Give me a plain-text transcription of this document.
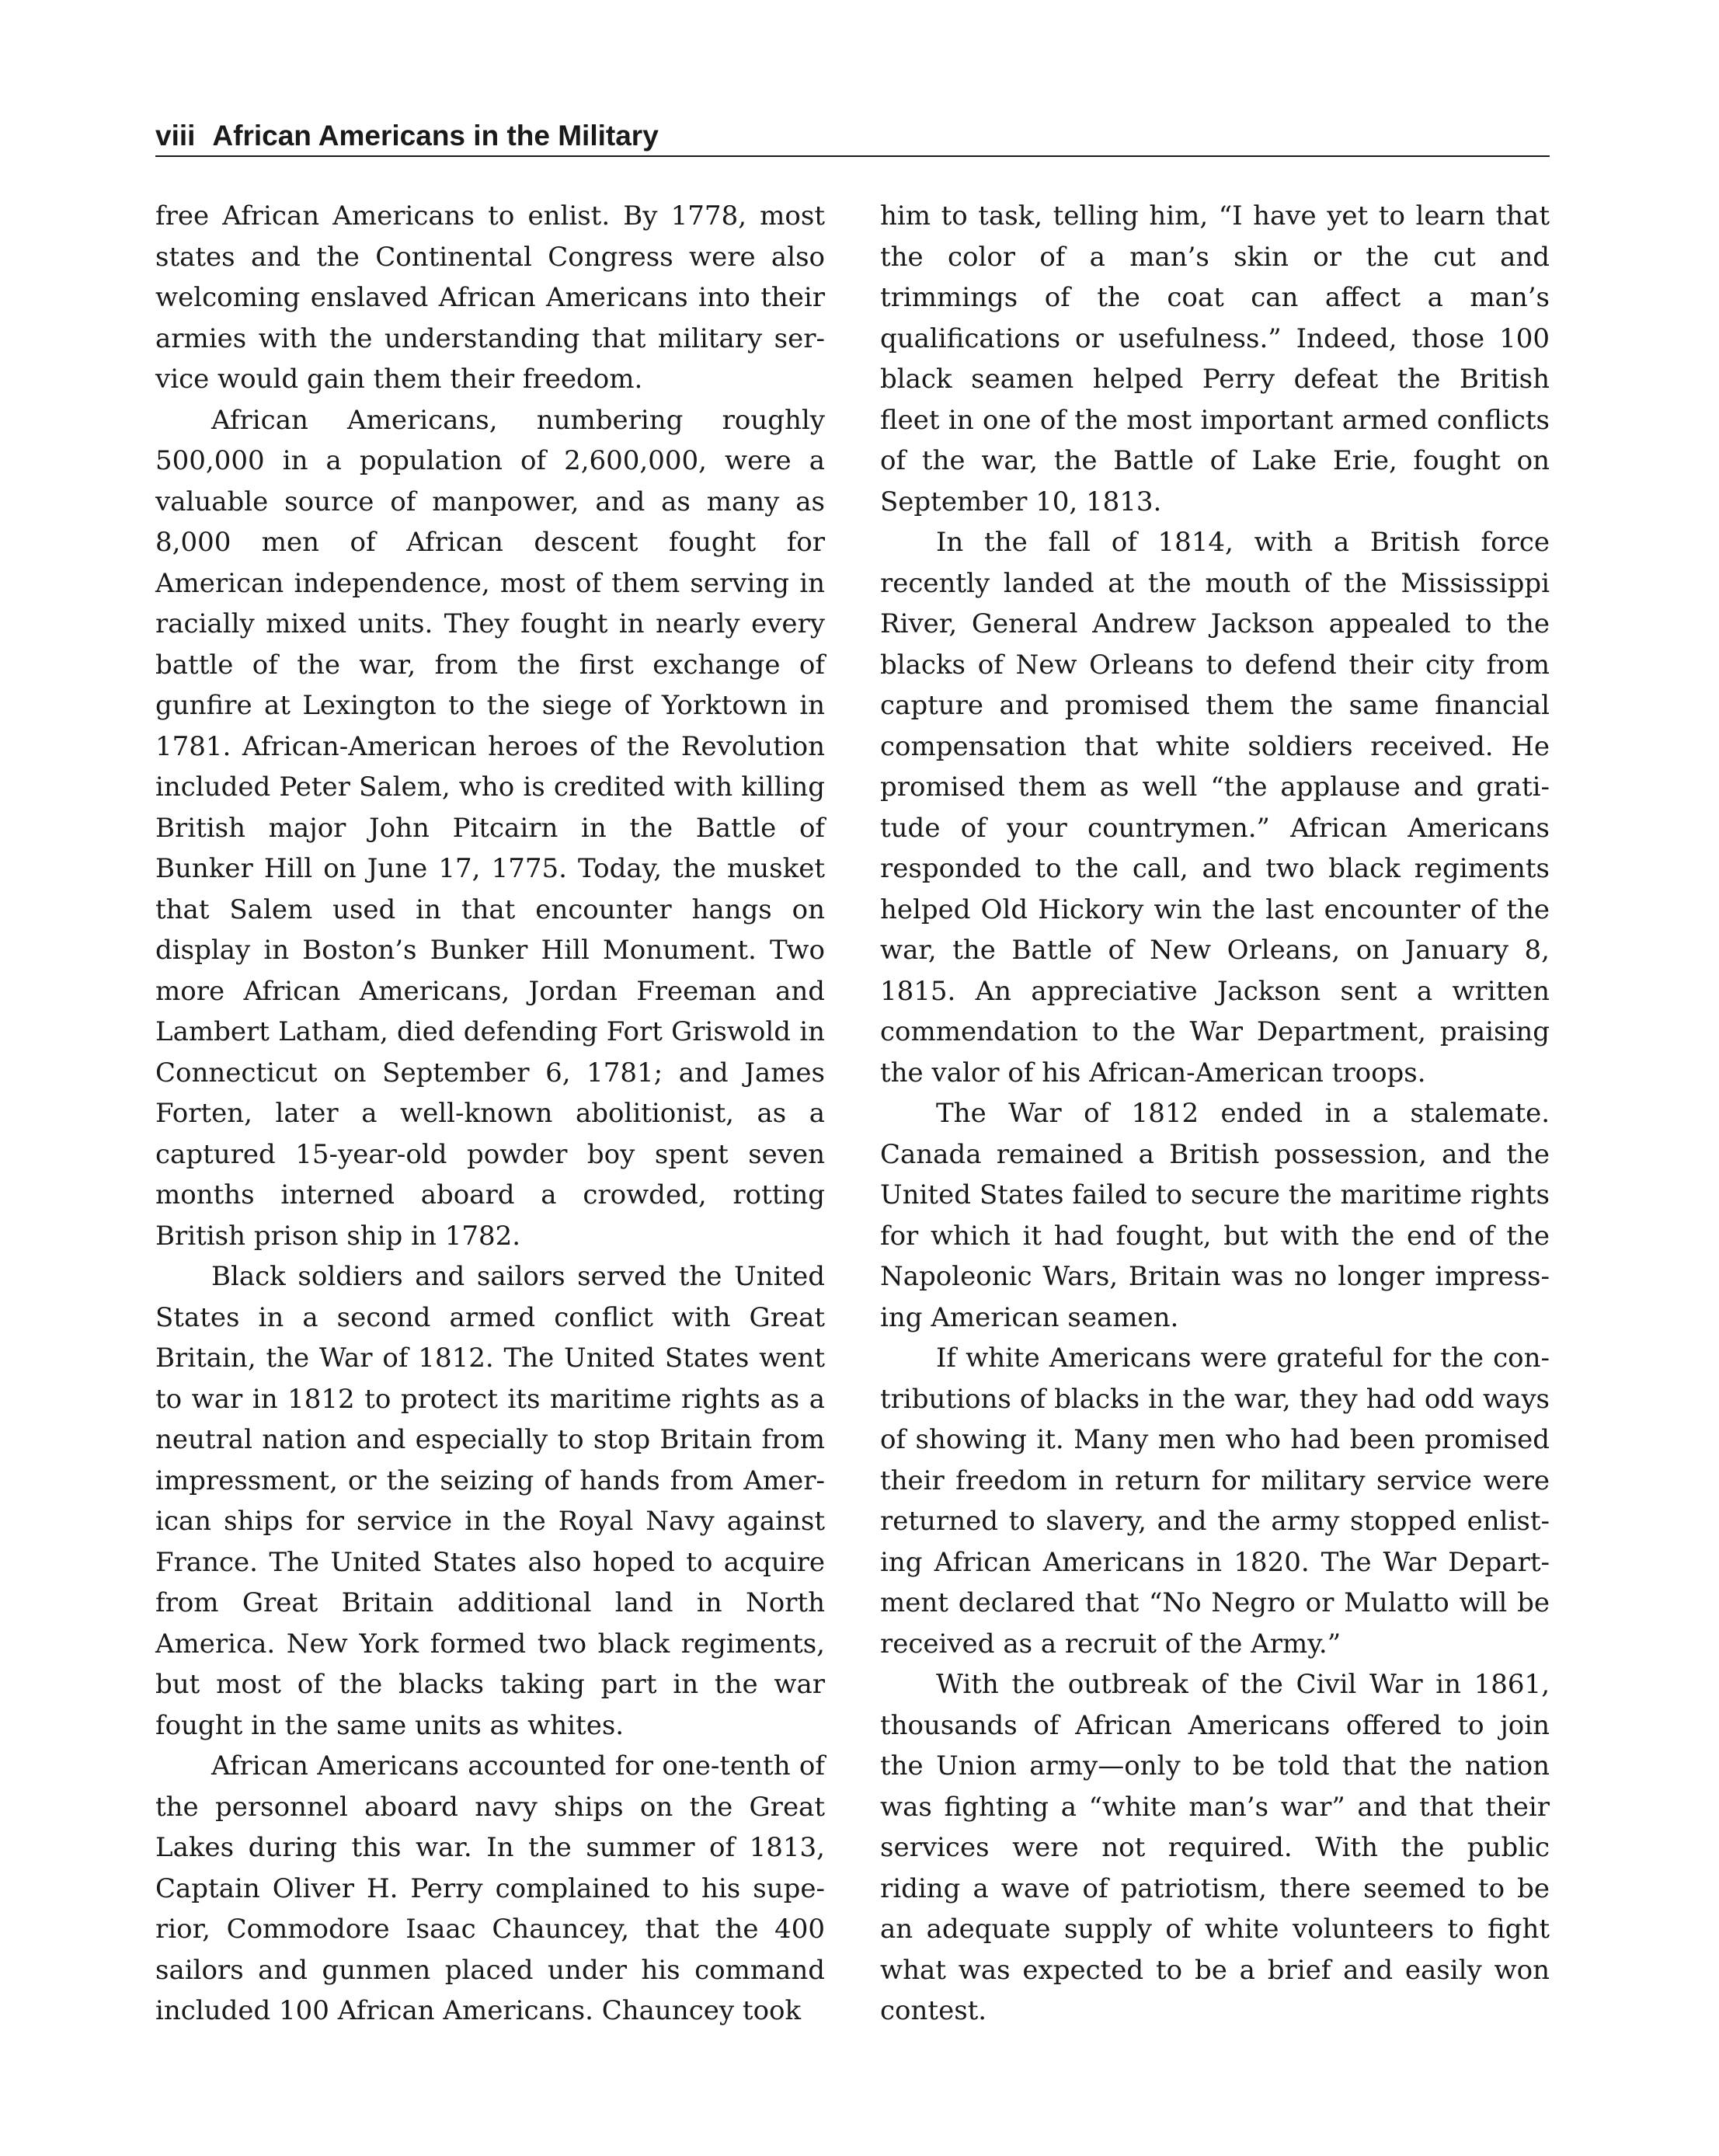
viii African Americans in the Military

free African Americans to enlist. By 1778, most states and the Continental Congress were also welcoming enslaved African Americans into their armies with the understanding that military service would gain them their freedom.

African Americans, numbering roughly 500,000 in a population of 2,600,000, were a valuable source of manpower, and as many as 8,000 men of African descent fought for American independence, most of them serving in racially mixed units. They fought in nearly every battle of the war, from the first exchange of gunfire at Lexington to the siege of Yorktown in 1781. African-American heroes of the Revolution included Peter Salem, who is credited with killing British major John Pitcairn in the Battle of Bunker Hill on June 17, 1775. Today, the musket that Salem used in that encounter hangs on display in Boston’s Bunker Hill Monument. Two more African Americans, Jordan Freeman and Lambert Latham, died defending Fort Griswold in Connecticut on September 6, 1781; and James Forten, later a well-known abolitionist, as a captured 15-year-old powder boy spent seven months interned aboard a crowded, rotting British prison ship in 1782.

Black soldiers and sailors served the United States in a second armed conflict with Great Britain, the War of 1812. The United States went to war in 1812 to protect its maritime rights as a neutral nation and especially to stop Britain from impressment, or the seizing of hands from American ships for service in the Royal Navy against France. The United States also hoped to acquire from Great Britain additional land in North America. New York formed two black regiments, but most of the blacks taking part in the war fought in the same units as whites.

African Americans accounted for one-tenth of the personnel aboard navy ships on the Great Lakes during this war. In the summer of 1813, Captain Oliver H. Perry complained to his superior, Commodore Isaac Chauncey, that the 400 sailors and gunmen placed under his command included 100 African Americans. Chauncey took

him to task, telling him, “I have yet to learn that the color of a man’s skin or the cut and trimmings of the coat can affect a man’s qualifications or usefulness.” Indeed, those 100 black seamen helped Perry defeat the British fleet in one of the most important armed conflicts of the war, the Battle of Lake Erie, fought on September 10, 1813.

In the fall of 1814, with a British force recently landed at the mouth of the Mississippi River, General Andrew Jackson appealed to the blacks of New Orleans to defend their city from capture and promised them the same financial compensation that white soldiers received. He promised them as well “the applause and gratitude of your countrymen.” African Americans responded to the call, and two black regiments helped Old Hickory win the last encounter of the war, the Battle of New Orleans, on January 8, 1815. An appreciative Jackson sent a written commendation to the War Department, praising the valor of his African-American troops.

The War of 1812 ended in a stalemate. Canada remained a British possession, and the United States failed to secure the maritime rights for which it had fought, but with the end of the Napoleonic Wars, Britain was no longer impressing American seamen.

If white Americans were grateful for the contributions of blacks in the war, they had odd ways of showing it. Many men who had been promised their freedom in return for military service were returned to slavery, and the army stopped enlisting African Americans in 1820. The War Department declared that “No Negro or Mulatto will be received as a recruit of the Army.”

With the outbreak of the Civil War in 1861, thousands of African Americans offered to join the Union army—only to be told that the nation was fighting a “white man’s war” and that their services were not required. With the public riding a wave of patriotism, there seemed to be an adequate supply of white volunteers to fight what was expected to be a brief and easily won contest.
